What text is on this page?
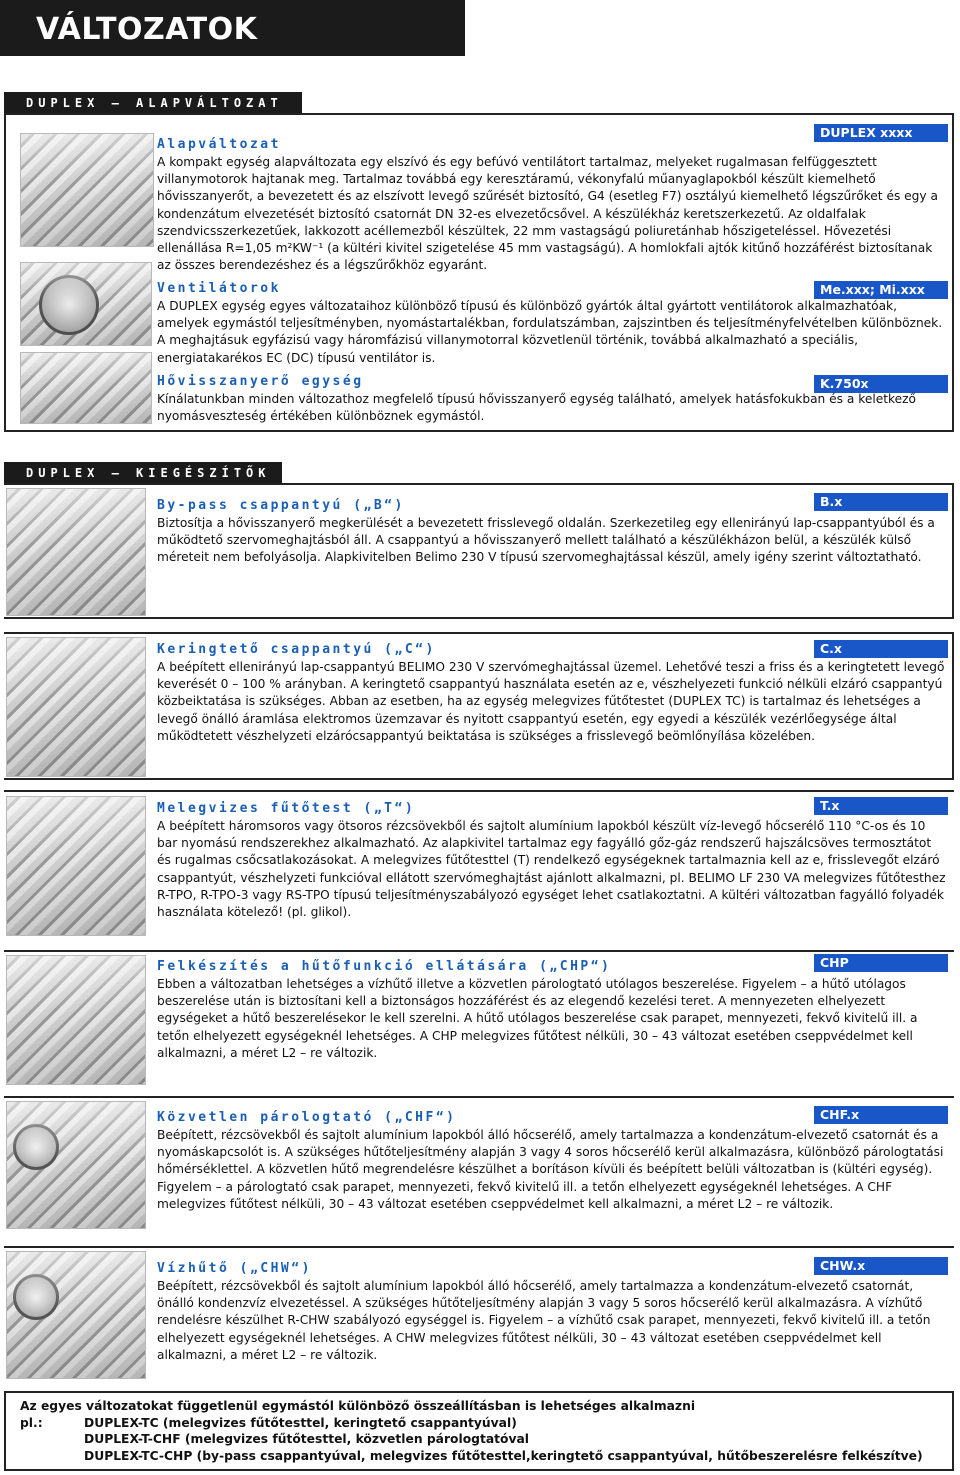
VÁLTOZATOK
DUPLEX – ALAPVÁLTOZAT
DUPLEX xxxx
Alapváltozat
A kompakt egység alapváltozata egy elszívó és egy befúvó ventilátort tartalmaz, melyeket rugalmasan felfüggesztett villanymotorok hajtanak meg. Tartalmaz továbbá egy keresztáramú, vékonyfalú műanyaglapokból készült kiemelhető hővisszanyerőt, a bevezetett és az elszívott levegő szűrését biztosító, G4 (esetleg F7) osztályú kiemelhető légszűrőket és egy a kondenzátum elvezetését biztosító csatornát DN 32-es elvezetőcsővel. A készülékház keretszerkezetű. Az oldalfalak szendvicsszerkezetűek, lakkozott acéllemezből készültek, 22 mm vastagságú poliuretánhab hőszigeteléssel. Hővezetési ellenállása R=1,05 m²KW⁻¹ (a kültéri kivitel szigetelése 45 mm vastagságú). A homlokfali ajtók kitűnő hozzáférést biztosítanak az összes berendezéshez és a légszűrőkhöz egyaránt.
Me.xxx; Mi.xxx
Ventilátorok
A DUPLEX egység egyes változataihoz különböző típusú és különböző gyártók által gyártott ventilátorok alkalmazhatóak, amelyek egymástól teljesítményben, nyomástartalékban, fordulatszámban, zajszintben és teljesítményfelvételben különböznek. A meghajtásuk egyfázisú vagy háromfázisú villanymotorral közvetlenül történik, továbbá alkalmazható a speciális, energiatakarékos EC (DC) típusú ventilátor is.
K.750x
Hővisszanyerő egység
Kínálatunkban minden változathoz megfelelő típusú hővisszanyerő egység található, amelyek hatásfokukban és a keletkező nyomásveszteség értékében különböznek egymástól.
DUPLEX – KIEGÉSZÍTŐK
B.x
By-pass csappantyú („B“)
Biztosítja a hővisszanyerő megkerülését a bevezetett frisslevegő oldalán. Szerkezetileg egy ellenirányú lap-csappantyúból és a működtető szervomeghajtásból áll. A csappantyú a hővisszanyerő mellett található a készülékházon belül, a készülék külső méreteit nem befolyásolja. Alapkivitelben Belimo 230 V típusú szervomeghajtással készül, amely igény szerint változtatható.
C.x
Keringtető csappantyú („C“)
A beépített ellenirányú lap-csappantyú BELIMO 230 V szervómeghajtással üzemel. Lehetővé teszi a friss és a keringtetett levegő keverését 0 – 100 % arányban. A keringtető csappantyú használata esetén az e, vészhelyezeti funkció nélküli elzáró csappantyú közbeiktatása is szükséges. Abban az esetben, ha az egység melegvizes fűtőtestet (DUPLEX TC) is tartalmaz és lehetséges a levegő önálló áramlása elektromos üzemzavar és nyitott csappantyú esetén, egy egyedi a készülék vezérlőegysége által működtetett vészhelyzeti elzárócsappantyú beiktatása is szükséges a frisslevegő beömlőnyílása közelében.
T.x
Melegvizes fűtőtest („T“)
A beépített háromsoros vagy ötsoros rézcsövekből és sajtolt alumínium lapokból készült víz-levegő hőcserélő 110 °C-os és 10 bar nyomású rendszerekhez alkalmazható. Az alapkivitel tartalmaz egy fagyálló gőz-gáz rendszerű hajszálcsöves termosztátot és rugalmas csőcsatlakozásokat. A melegvizes fűtőtesttel (T) rendelkező egységeknek tartalmaznia kell az e, frisslevegőt elzáró csappantyút, vészhelyzeti funkcióval ellátott szervómeghajtást ajánlott alkalmazni, pl. BELIMO LF 230 VA melegvizes fűtőtesthez R-TPO, R-TPO-3 vagy RS-TPO típusú teljesítményszabályozó egységet lehet csatlakoztatni. A kültéri változatban fagyálló folyadék használata kötelező! (pl. glikol).
CHP
Felkészítés a hűtőfunkció ellátására („CHP“)
Ebben a változatban lehetséges a vízhűtő illetve a közvetlen párologtató utólagos beszerelése. Figyelem – a hűtő utólagos beszerelése után is biztosítani kell a biztonságos hozzáférést és az elegendő kezelési teret. A mennyezeten elhelyezett egységeket a hűtő beszerelésekor le kell szerelni. A hűtő utólagos beszerelése csak parapet, mennyezeti, fekvő kivitelű ill. a tetőn elhelyezett egységeknél lehetséges. A CHP melegvizes fűtőtest nélküli, 30 – 43 változat esetében cseppvédelmet kell alkalmazni, a méret L2 – re változik.
CHF.x
Közvetlen párologtató („CHF“)
Beépített, rézcsövekből és sajtolt alumínium lapokból álló hőcserélő, amely tartalmazza a kondenzátum-elvezető csatornát és a nyomáskapcsolót is. A szükséges hűtőteljesítmény alapján 3 vagy 4 soros hőcserélő kerül alkalmazásra, különböző párologtatási hőmérséklettel. A közvetlen hűtő megrendelésre készülhet a borításon kívüli és beépített belüli változatban is (kültéri egység). Figyelem – a párologtató csak parapet, mennyezeti, fekvő kivitelű ill. a tetőn elhelyezett egységeknél lehetséges. A CHF melegvizes fűtőtest nélküli, 30 – 43 változat esetében cseppvédelmet kell alkalmazni, a méret L2 – re változik.
CHW.x
Vízhűtő („CHW“)
Beépített, rézcsövekből és sajtolt alumínium lapokból álló hőcserélő, amely tartalmazza a kondenzátum-elvezető csatornát, önálló kondenzvíz elvezetéssel. A szükséges hűtőteljesítmény alapján 3 vagy 5 soros hőcserélő kerül alkalmazásra. A vízhűtő rendelésre készülhet R-CHW szabályozó egységgel is. Figyelem – a vízhűtő csak parapet, mennyezeti, fekvő kivitelű ill. a tetőn elhelyezett egységeknél lehetséges. A CHW melegvizes fűtőtest nélküli, 30 – 43 változat esetében cseppvédelmet kell alkalmazni, a méret L2 – re változik.
Az egyes változatokat függetlenül egymástól különböző összeállításban is lehetséges alkalmazni
pl.:	DUPLEX-TC (melegvizes fűtőtesttel, keringtető csappantyúval)
DUPLEX-T-CHF (melegvizes fűtőtesttel, közvetlen párologtatóval
DUPLEX-TC-CHP (by-pass csappantyúval, melegvizes fűtőtesttel,keringtető csappantyúval, hűtőbeszerelésre felkészítve)
